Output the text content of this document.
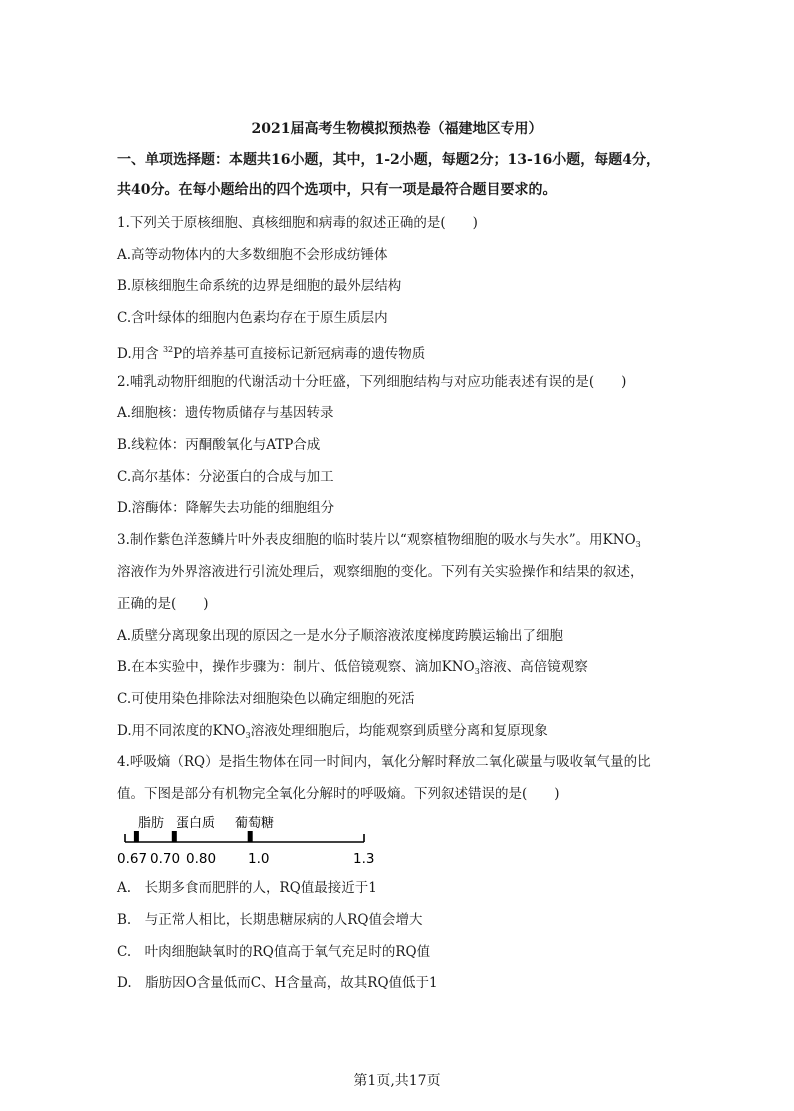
2021届高考生物模拟预热卷（福建地区专用）
一、单项选择题：本题共16小题，其中，1-2小题，每题2分；13-16小题，每题4分，
共40分。在每小题给出的四个选项中，只有一项是最符合题目要求的。
1.下列关于原核细胞、真核细胞和病毒的叙述正确的是(　　)
A.高等动物体内的大多数细胞不会形成纺锤体
B.原核细胞生命系统的边界是细胞的最外层结构
C.含叶绿体的细胞内色素均存在于原生质层内
D.用含 $^{32}$P的培养基可直接标记新冠病毒的遗传物质
2.哺乳动物肝细胞的代谢活动十分旺盛，下列细胞结构与对应功能表述有误的是(　　)
A.细胞核：遗传物质储存与基因转录
B.线粒体：丙酮酸氧化与ATP合成
C.高尔基体：分泌蛋白的合成与加工
D.溶酶体：降解失去功能的细胞组分
3.制作紫色洋葱鳞片叶外表皮细胞的临时装片以“观察植物细胞的吸水与失水”。用$KNO_3$
溶液作为外界溶液进行引流处理后，观察细胞的变化。下列有关实验操作和结果的叙述，
正确的是(　　)
A.质壁分离现象出现的原因之一是水分子顺溶液浓度梯度跨膜运输出了细胞
B.在本实验中，操作步骤为：制片、低倍镜观察、滴加$KNO_3$溶液、高倍镜观察
C.可使用染色排除法对细胞染色以确定细胞的死活
D.用不同浓度的$KNO_3$溶液处理细胞后，均能观察到质壁分离和复原现象
4.呼吸熵（RQ）是指生物体在同一时间内，氧化分解时释放二氧化碳量与吸收氧气量的比
值。下图是部分有机物完全氧化分解时的呼吸熵。下列叙述错误的是(　　)
脂肪 蛋白质 葡萄糖
0.67 0.70 0.80 1.0	1.3
A.　长期多食而肥胖的人，RQ值最接近于1
B.　与正常人相比，长期患糖尿病的人RQ值会增大
C.　叶肉细胞缺氧时的RQ值高于氧气充足时的RQ值
D.　脂肪因O含量低而C、H含量高，故其RQ值低于1
第1页,共17页
